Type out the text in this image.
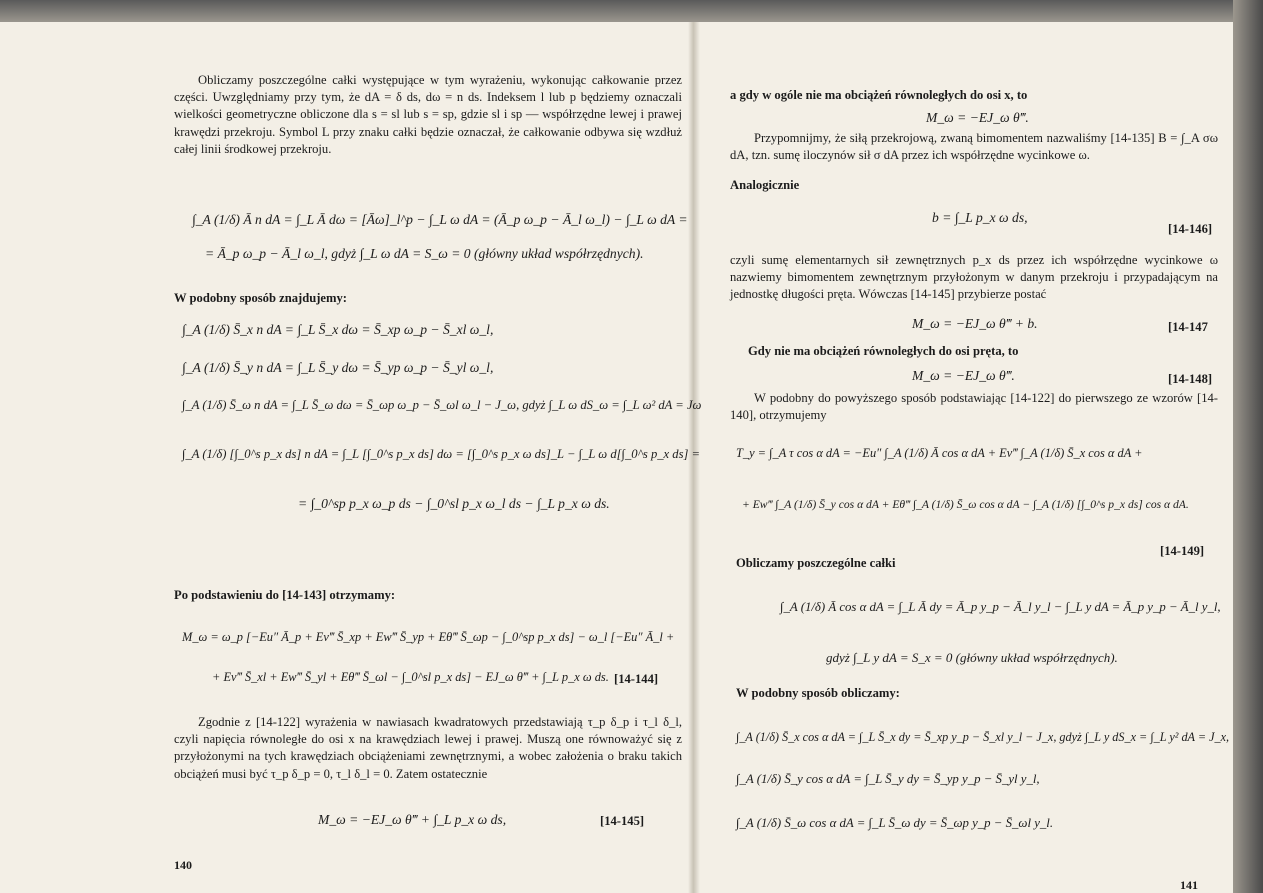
Obliczamy poszczególne całki występujące w tym wyrażeniu, wykonując całkowanie przez części. Uwzględniamy przy tym, że dA = δ ds, dω = n ds. Indeksem l lub p będziemy oznaczali wielkości geometryczne obliczone dla s = sl lub s = sp, gdzie sl i sp — współrzędne lewej i prawej krawędzi przekroju. Symbol L przy znaku całki będzie oznaczał, że całkowanie odbywa się wzdłuż całej linii środkowej przekroju.

∫_A (1/δ) Ā n dA = ∫_L Ā dω = [Āω]_l^p − ∫_L ω dA = (Ā_p ω_p − Ā_l ω_l) − ∫_L ω dA =
= Ā_p ω_p − Ā_l ω_l, gdyż ∫_L ω dA = S_ω = 0 (główny układ współrzędnych).
W podobny sposób znajdujemy:
∫_A (1/δ) S̄_x n dA = ∫_L S̄_x dω = S̄_xp ω_p − S̄_xl ω_l,
∫_A (1/δ) S̄_y n dA = ∫_L S̄_y dω = S̄_yp ω_p − S̄_yl ω_l,
∫_A (1/δ) S̄_ω n dA = ∫_L S̄_ω dω = S̄_ωp ω_p − S̄_ωl ω_l − J_ω, gdyż ∫_L ω dS_ω = ∫_L ω² dA = Jω
∫_A (1/δ) [∫_0^s p_x ds] n dA = ∫_L [∫_0^s p_x ds] dω = [∫_0^s p_x ω ds]_L − ∫_L ω d[∫_0^s p_x ds] =
= ∫_0^sp p_x ω_p ds − ∫_0^sl p_x ω_l ds − ∫_L p_x ω ds.
Po podstawieniu do [14-143] otrzymamy:
M_ω = ω_p [−Eu″ Ā_p + Ev‴ S̄_xp + Ew‴ S̄_yp + Eθ‴ S̄_ωp − ∫_0^sp p_x ds] − ω_l [−Eu″ Ā_l +
+ Ev‴ S̄_xl + Ew‴ S̄_yl + Eθ‴ S̄_ωl − ∫_0^sl p_x ds] − EJ_ω θ‴ + ∫_L p_x ω ds. [14-144]

Zgodnie z [14-122] wyrażenia w nawiasach kwadratowych przedstawiają τ_p δ_p i τ_l δ_l, czyli napięcia równoległe do osi x na krawędziach lewej i prawej. Muszą one równoważyć się z przyłożonymi na tych krawędziach obciążeniami zewnętrznymi, a wobec założenia o braku takich obciążeń musi być τ_p δ_p = 0, τ_l δ_l = 0. Zatem ostatecznie

M_ω = −EJ_ω θ‴ + ∫_L p_x ω ds,	[14-145]
140
a gdy w ogóle nie ma obciążeń równoległych do osi x, to
M_ω = −EJ_ω θ‴.

Przypomnijmy, że siłą przekrojową, zwaną bimomentem nazwaliśmy [14-135] B = ∫_A σω dA, tzn. sumę iloczynów sił σ dA przez ich współrzędne wycinkowe ω.

Analogicznie
b = ∫_L p_x ω ds,
[14-146]

czyli sumę elementarnych sił zewnętrznych p_x ds przez ich współrzędne wycinkowe ω nazwiemy bimomentem zewnętrznym przyłożonym w danym przekroju i przypadającym na jednostkę długości pręta. Wówczas [14-145] przybierze postać

M_ω = −EJ_ω θ‴ + b.	[14-147
Gdy nie ma obciążeń równoległych do osi pręta, to
M_ω = −EJ_ω θ‴.	[14-148]

W podobny do powyższego sposób podstawiając [14-122] do pierwszego ze wzorów [14-140], otrzymujemy

T_y = ∫_A τ cos α dA = −Eu″ ∫_A (1/δ) Ā cos α dA + Ev‴ ∫_A (1/δ) S̄_x cos α dA +
+ Ew‴ ∫_A (1/δ) S̄_y cos α dA + Eθ‴ ∫_A (1/δ) S̄_ω cos α dA − ∫_A (1/δ) [∫_0^s p_x ds] cos α dA.
[14-149]
Obliczamy poszczególne całki
∫_A (1/δ) Ā cos α dA = ∫_L Ā dy = Ā_p y_p − Ā_l y_l − ∫_L y dA = Ā_p y_p − Ā_l y_l,
gdyż ∫_L y dA = S_x = 0 (główny układ współrzędnych).
W podobny sposób obliczamy:
∫_A (1/δ) S̄_x cos α dA = ∫_L S̄_x dy = S̄_xp y_p − S̄_xl y_l − J_x, gdyż ∫_L y dS_x = ∫_L y² dA = J_x,
∫_A (1/δ) S̄_y cos α dA = ∫_L S̄_y dy = S̄_yp y_p − S̄_yl y_l,
∫_A (1/δ) S̄_ω cos α dA = ∫_L S̄_ω dy = S̄_ωp y_p − S̄_ωl y_l.
141
